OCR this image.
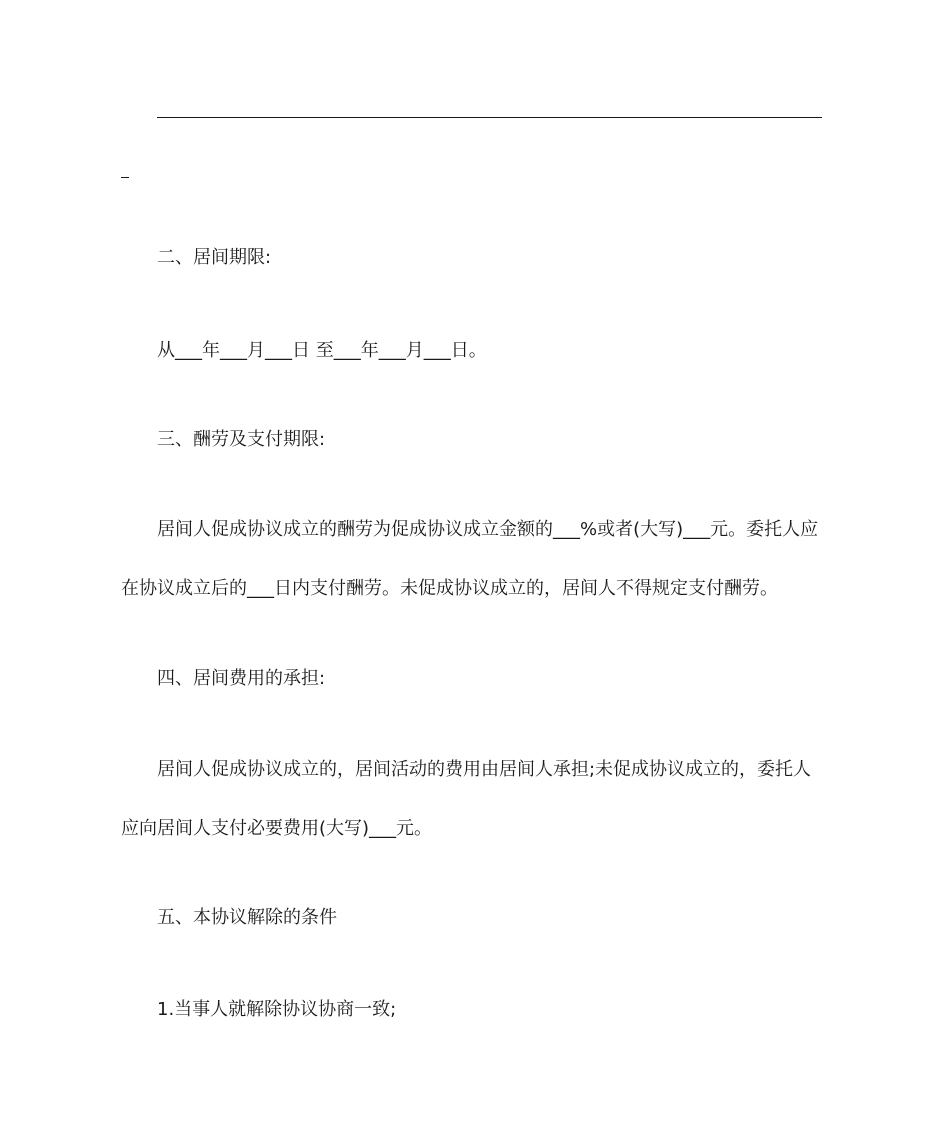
二、居间期限:
从___年___月___日 至___年___月___日。
三、酬劳及支付期限:
居间人促成协议成立的酬劳为促成协议成立金额的___%或者(大写)___元。委托人应
在协议成立后的___日内支付酬劳。未促成协议成立的，居间人不得规定支付酬劳。
四、居间费用的承担:
居间人促成协议成立的，居间活动的费用由居间人承担;未促成协议成立的，委托人
应向居间人支付必要费用(大写)___元。
五、本协议解除的条件
1.当事人就解除协议协商一致;
